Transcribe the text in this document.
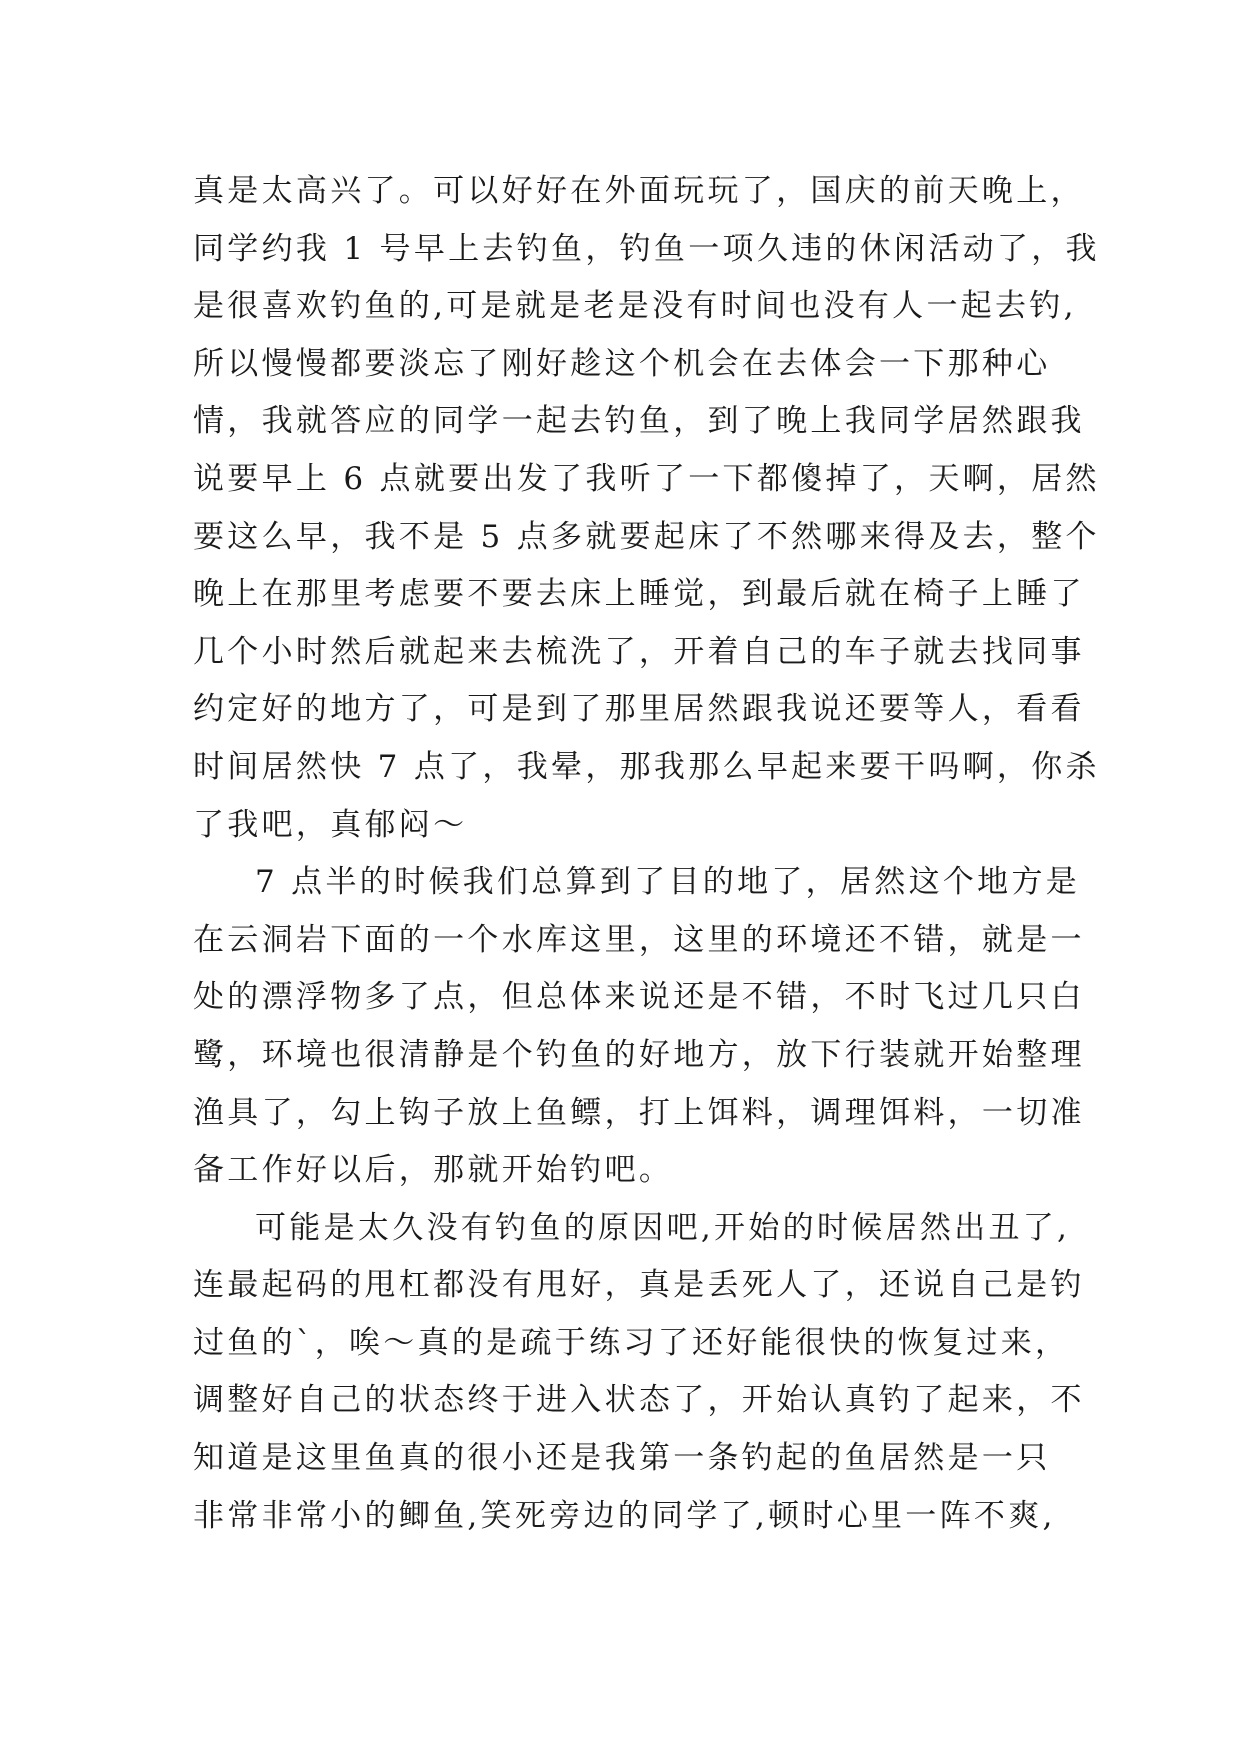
真是太高兴了。可以好好在外面玩玩了，国庆的前天晚上，
同学约我 1 号早上去钓鱼，钓鱼一项久违的休闲活动了，我
是很喜欢钓鱼的,可是就是老是没有时间也没有人一起去钓,
所以慢慢都要淡忘了刚好趁这个机会在去体会一下那种心
情，我就答应的同学一起去钓鱼，到了晚上我同学居然跟我
说要早上 6 点就要出发了我听了一下都傻掉了，天啊，居然
要这么早，我不是 5 点多就要起床了不然哪来得及去，整个
晚上在那里考虑要不要去床上睡觉，到最后就在椅子上睡了
几个小时然后就起来去梳洗了，开着自己的车子就去找同事
约定好的地方了，可是到了那里居然跟我说还要等人，看看
时间居然快 7 点了，我晕，那我那么早起来要干吗啊，你杀
了我吧，真郁闷～
7 点半的时候我们总算到了目的地了，居然这个地方是
在云洞岩下面的一个水库这里，这里的环境还不错，就是一
处的漂浮物多了点，但总体来说还是不错，不时飞过几只白
鹭，环境也很清静是个钓鱼的好地方，放下行装就开始整理
渔具了，勾上钩子放上鱼鳔，打上饵料，调理饵料，一切准
备工作好以后，那就开始钓吧。
可能是太久没有钓鱼的原因吧,开始的时候居然出丑了,
连最起码的甩杠都没有甩好，真是丢死人了，还说自己是钓
过鱼的`，唉～真的是疏于练习了还好能很快的恢复过来，
调整好自己的状态终于进入状态了，开始认真钓了起来，不
知道是这里鱼真的很小还是我第一条钓起的鱼居然是一只
非常非常小的鲫鱼,笑死旁边的同学了,顿时心里一阵不爽,
